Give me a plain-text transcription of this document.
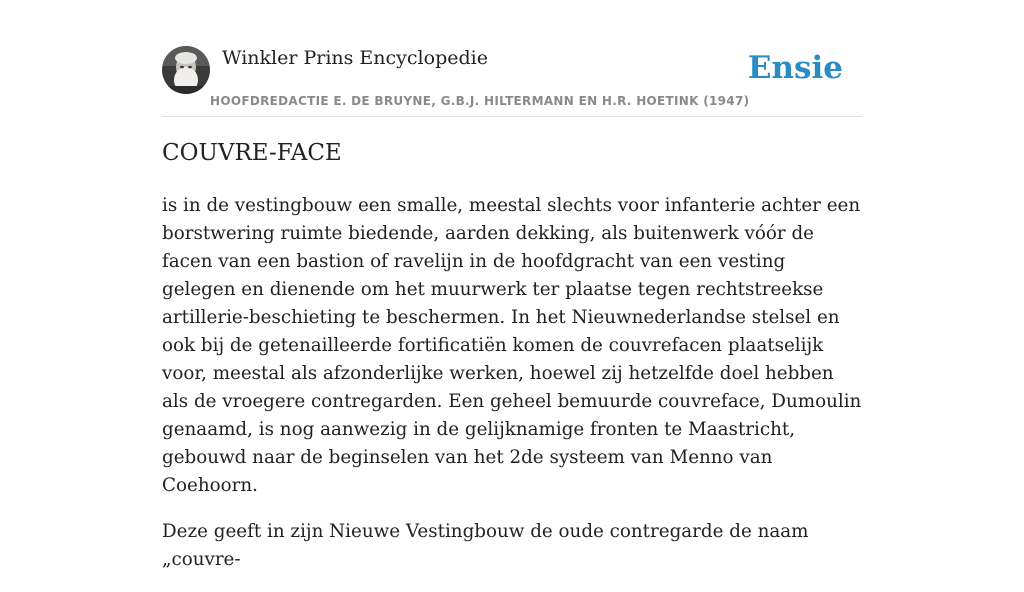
Winkler Prins Encyclopedie
HOOFDREDACTIE E. DE BRUYNE, G.B.J. HILTERMANN EN H.R. HOETINK (1947)
Ensie
COUVRE-FACE

is in de vestingbouw een smalle, meestal slechts voor infanterie achter een borstwering ruimte biedende, aarden dekking, als buitenwerk vóór de facen van een bastion of ravelijn in de hoofdgracht van een vesting gelegen en dienende om het muurwerk ter plaatse tegen rechtstreekse artillerie-beschieting te beschermen. In het Nieuwnederlandse stelsel en ook bij de getenailleerde fortificatiën komen de couvrefacen plaatselijk voor, meestal als afzonderlijke werken, hoewel zij hetzelfde doel hebben als de vroegere contregarden. Een geheel bemuurde couvreface, Dumoulin genaamd, is nog aanwezig in de gelijknamige fronten te Maastricht, gebouwd naar de beginselen van het 2de systeem van Menno van Coehoorn.

Deze geeft in zijn Nieuwe Vestingbouw de oude contregarde de naam „couvre-
